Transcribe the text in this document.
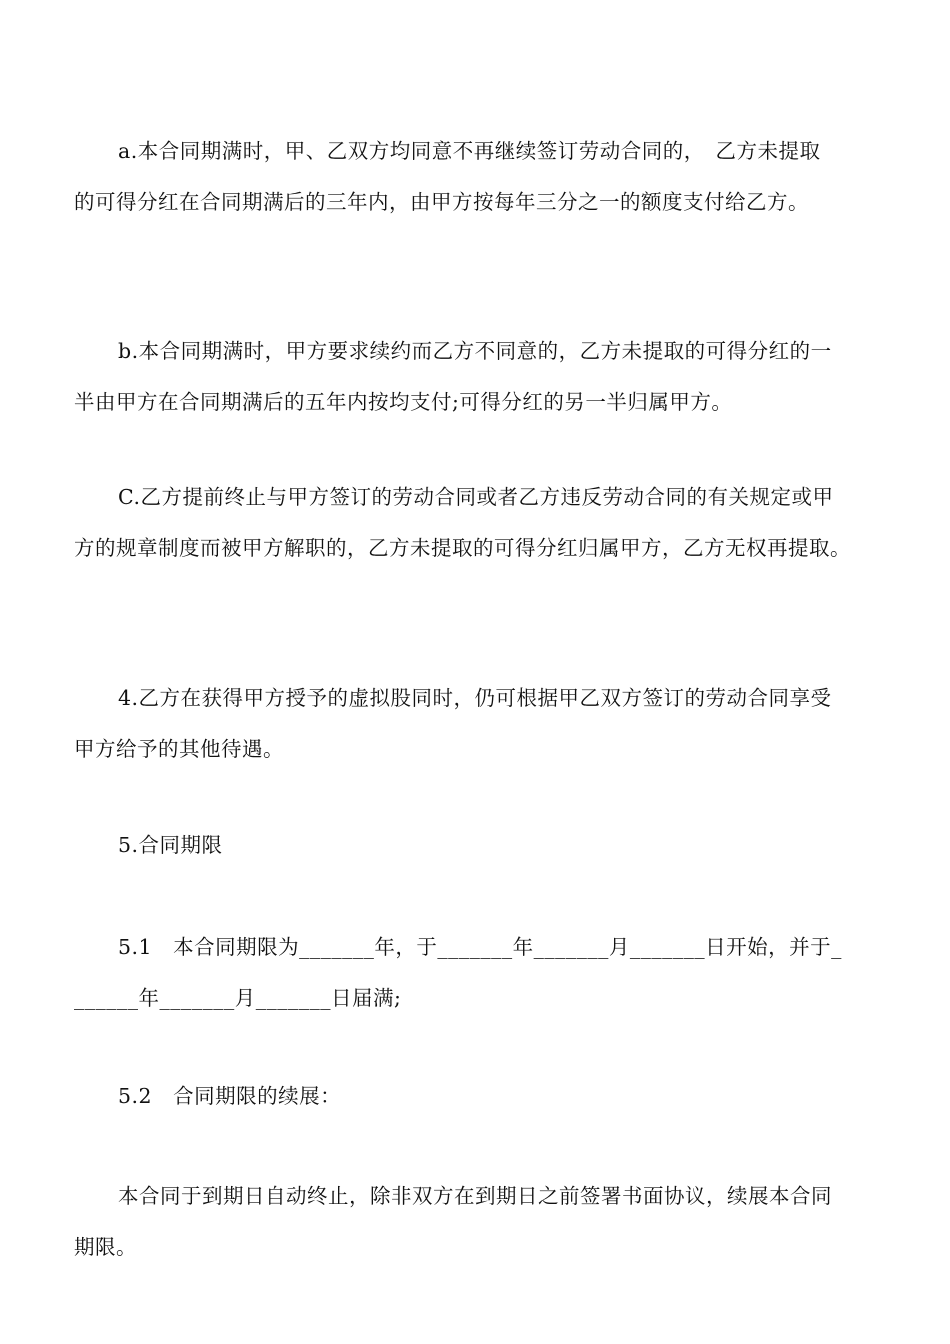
a.本合同期满时，甲、乙双方均同意不再继续签订劳动合同的，　乙方未提取
的可得分红在合同期满后的三年内，由甲方按每年三分之一的额度支付给乙方。

b.本合同期满时，甲方要求续约而乙方不同意的，乙方未提取的可得分红的一
半由甲方在合同期满后的五年内按均支付;可得分红的另一半归属甲方。

C.乙方提前终止与甲方签订的劳动合同或者乙方违反劳动合同的有关规定或甲
方的规章制度而被甲方解职的，乙方未提取的可得分红归属甲方，乙方无权再提取。

4.乙方在获得甲方授予的虚拟股同时，仍可根据甲乙双方签订的劳动合同享受
甲方给予的其他待遇。

5.合同期限

5.1　本合同期限为_______年，于_______年_______月_______日开始，并于_
______年_______月_______日届满;

5.2　合同期限的续展：

本合同于到期日自动终止，除非双方在到期日之前签署书面协议，续展本合同
期限。
